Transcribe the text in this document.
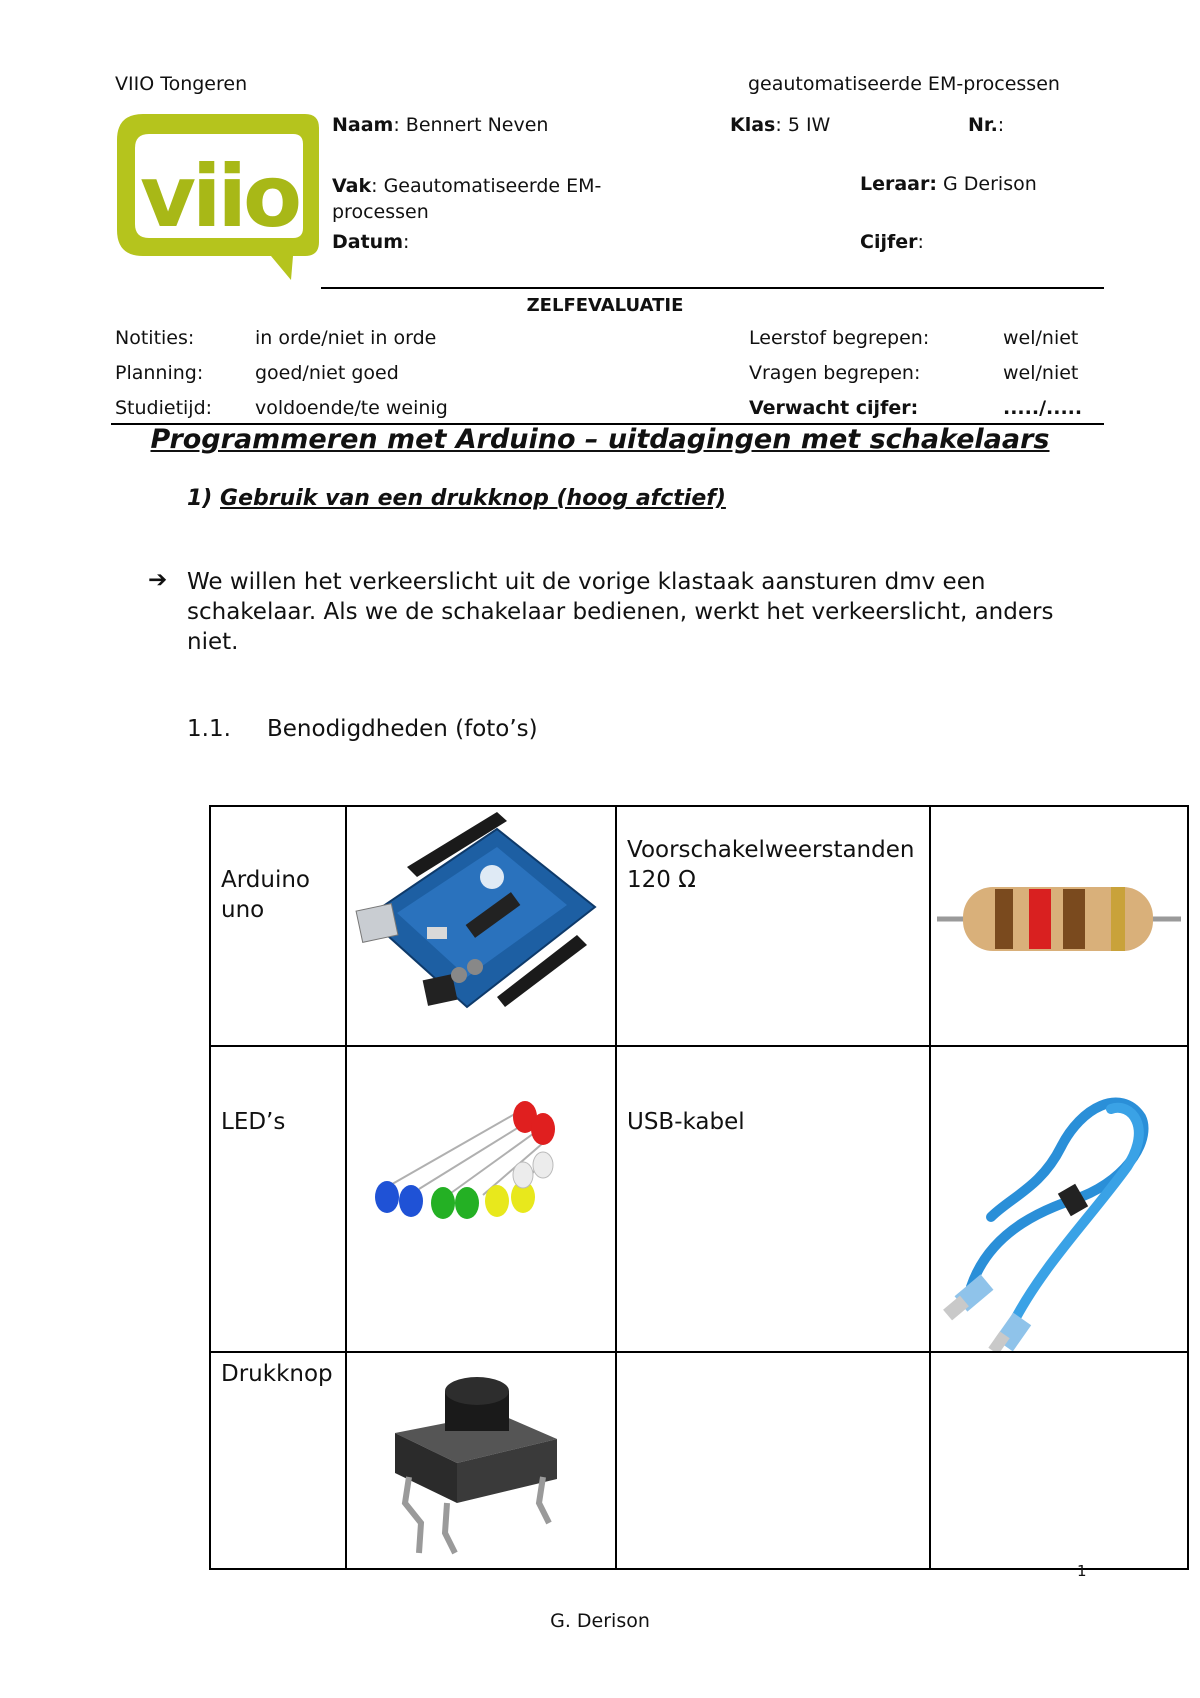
VIIO Tongeren	geautomatiseerde EM-processen
viio
Naam: Bennert Neven	Klas: 5 IW	Nr.:
Vak: Geautomatiseerde EM-
processen
Leraar: G Derison
Datum:	Cijfer:
ZELFEVALUATIE
Notities:	in orde/niet in orde	Leerstof begrepen:	wel/niet
Planning:	goed/niet goed	Vragen begrepen:	wel/niet
Studietijd: voldoende/te weinig	Verwacht cijfer:	...../.....
Programmeren met Arduino – uitdagingen met schakelaars
1) Gebruik van een drukknop (hoog afctief)
➔ We willen het verkeerslicht uit de vorige klastaak aansturen dmv een schakelaar. Als we de schakelaar bedienen, werkt het verkeerslicht, anders niet.
1.1. Benodigdheden (foto’s)
Arduino uno		Voorschakelweerstanden
120 Ω

LED’s		USB-kabel

Drukknop

1
G. Derison
